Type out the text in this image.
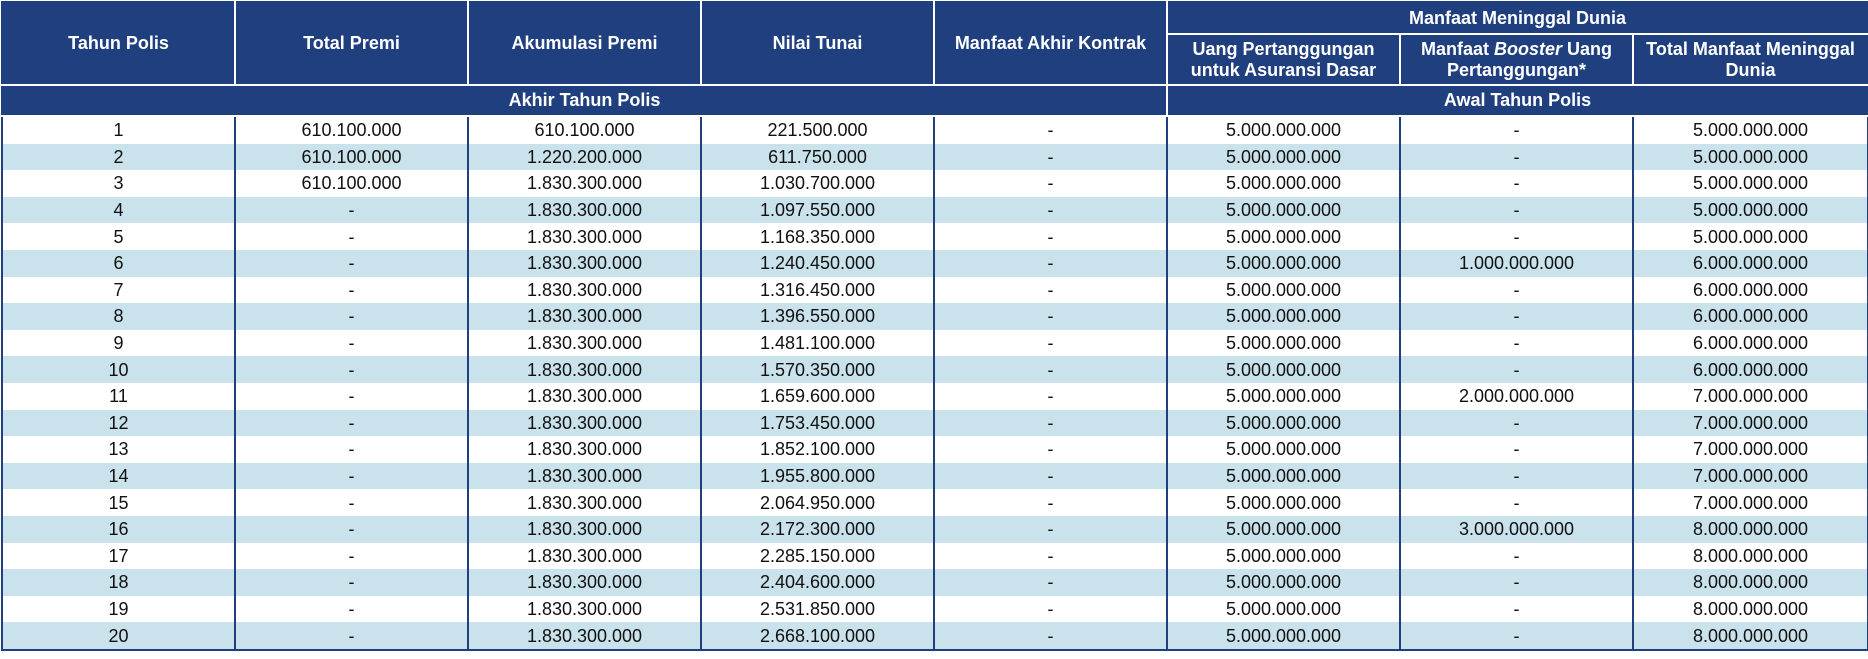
Tahun Polis	Total Premi	Akumulasi Premi	Nilai Tunai	Manfaat Akhir Kontrak	Manfaat Meninggal Dunia		
					Uang Pertanggungan untuk Asuransi Dasar	Manfaat Booster Uang Pertanggungan*	Total Manfaat Meninggal Dunia
Akhir Tahun Polis					Awal Tahun Polis		
1	610.100.000	610.100.000	221.500.000	-	5.000.000.000	-	5.000.000.000
2	610.100.000	1.220.200.000	611.750.000	-	5.000.000.000	-	5.000.000.000
3	610.100.000	1.830.300.000	1.030.700.000	-	5.000.000.000	-	5.000.000.000
4	-	1.830.300.000	1.097.550.000	-	5.000.000.000	-	5.000.000.000
5	-	1.830.300.000	1.168.350.000	-	5.000.000.000	-	5.000.000.000
6	-	1.830.300.000	1.240.450.000	-	5.000.000.000	1.000.000.000	6.000.000.000
7	-	1.830.300.000	1.316.450.000	-	5.000.000.000	-	6.000.000.000
8	-	1.830.300.000	1.396.550.000	-	5.000.000.000	-	6.000.000.000
9	-	1.830.300.000	1.481.100.000	-	5.000.000.000	-	6.000.000.000
10	-	1.830.300.000	1.570.350.000	-	5.000.000.000	-	6.000.000.000
11	-	1.830.300.000	1.659.600.000	-	5.000.000.000	2.000.000.000	7.000.000.000
12	-	1.830.300.000	1.753.450.000	-	5.000.000.000	-	7.000.000.000
13	-	1.830.300.000	1.852.100.000	-	5.000.000.000	-	7.000.000.000
14	-	1.830.300.000	1.955.800.000	-	5.000.000.000	-	7.000.000.000
15	-	1.830.300.000	2.064.950.000	-	5.000.000.000	-	7.000.000.000
16	-	1.830.300.000	2.172.300.000	-	5.000.000.000	3.000.000.000	8.000.000.000
17	-	1.830.300.000	2.285.150.000	-	5.000.000.000	-	8.000.000.000
18	-	1.830.300.000	2.404.600.000	-	5.000.000.000	-	8.000.000.000
19	-	1.830.300.000	2.531.850.000	-	5.000.000.000	-	8.000.000.000
20	-	1.830.300.000	2.668.100.000	-	5.000.000.000	-	8.000.000.000
